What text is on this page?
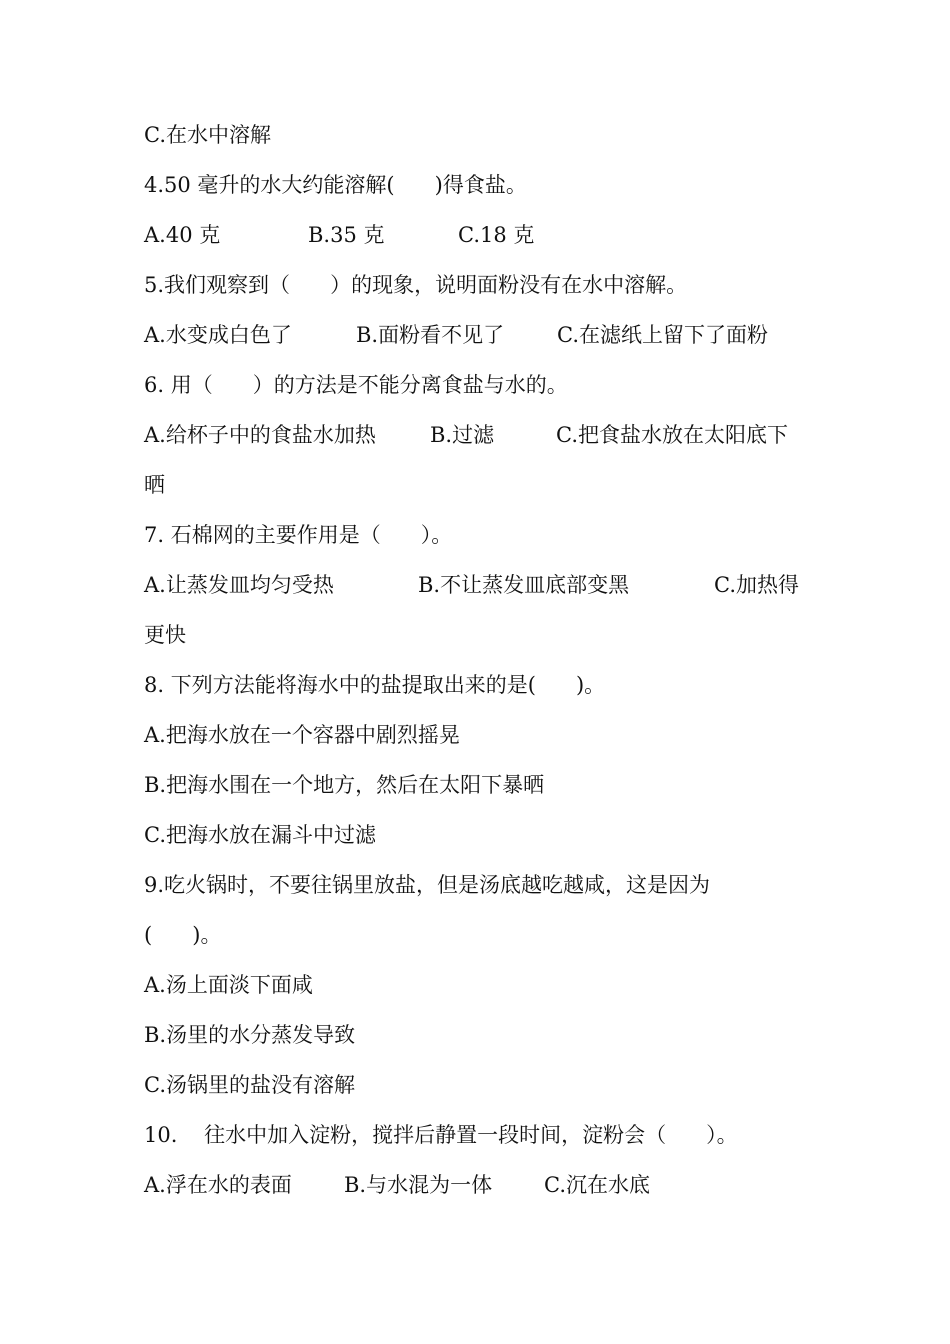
C.在水中溶解
4.50 毫升的水大约能溶解(      )得食盐。

A.40 克

	B.35 克

	C.18 克

5.我们观察到（      ）的现象，说明面粉没有在水中溶解。

A.水变成白色了

	B.面粉看不见了

	C.在滤纸上留下了面粉

6. 用（      ）的方法是不能分离食盐与水的。

A.给杯子中的食盐水加热

	B.过滤

	C.把食盐水放在太阳底下

晒
7. 石棉网的主要作用是（      ）。

A.让蒸发皿均匀受热

	B.不让蒸发皿底部变黑

	C.加热得

更快
8. 下列方法能将海水中的盐提取出来的是(      )。
A.把海水放在一个容器中剧烈摇晃
B.把海水围在一个地方，然后在太阳下暴晒
C.把海水放在漏斗中过滤
9.吃火锅时，不要往锅里放盐，但是汤底越吃越咸，这是因为
(      )。
A.汤上面淡下面咸
B.汤里的水分蒸发导致
C.汤锅里的盐没有溶解
10.    往水中加入淀粉，搅拌后静置一段时间，淀粉会（      ）。

A.浮在水的表面

B.与水混为一体

C.沉在水底
